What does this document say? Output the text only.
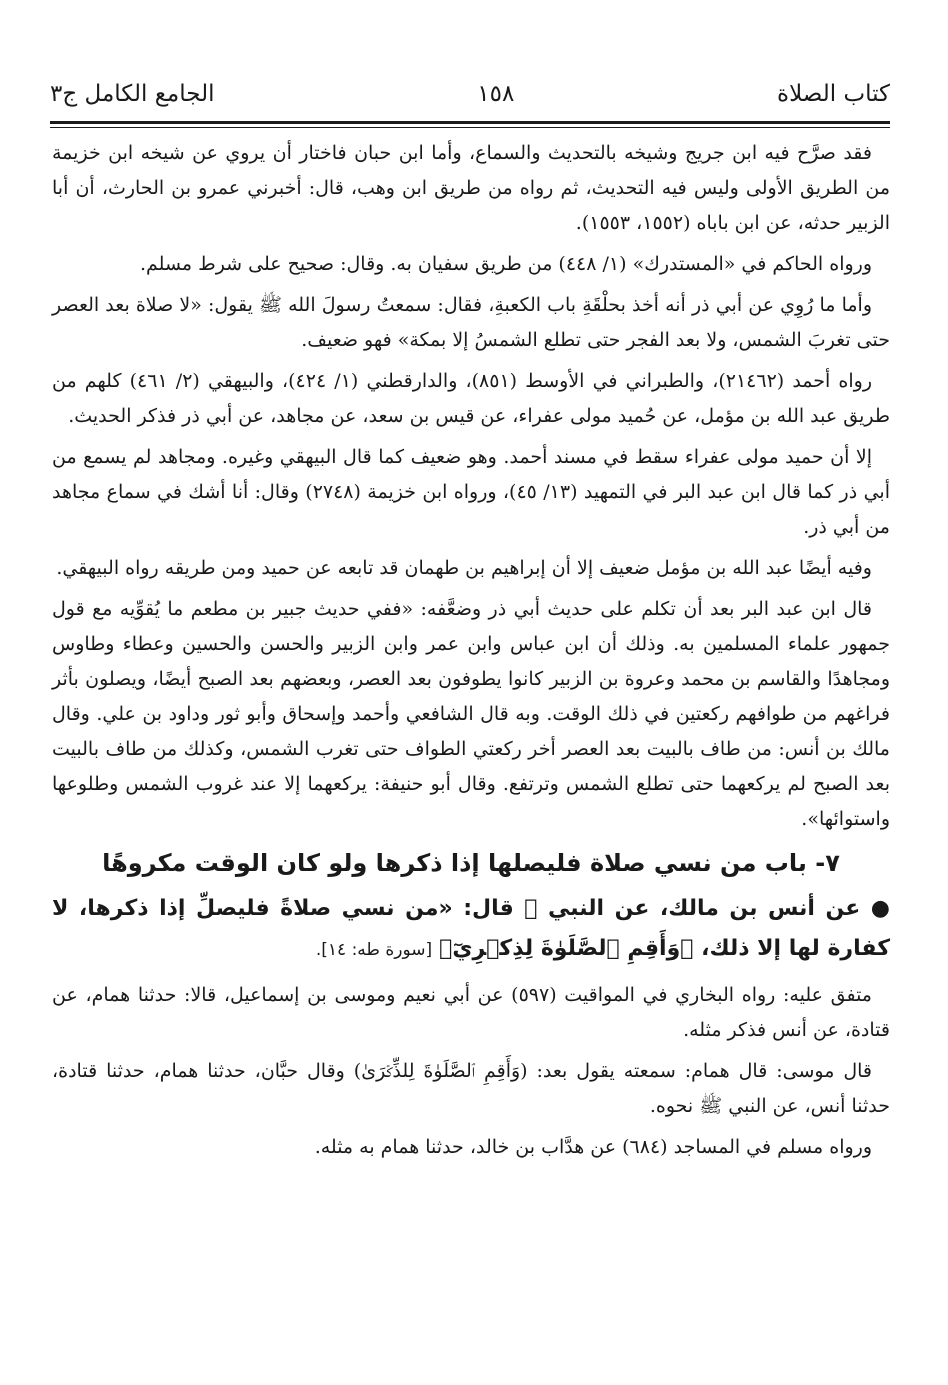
كتاب الصلاة
١٥٨
الجامع الكامل ج٣

فقد صرَّح فيه ابن جريج وشيخه بالتحديث والسماع، وأما ابن حبان فاختار أن يروي عن شيخه ابن خزيمة من الطريق الأولى وليس فيه التحديث، ثم رواه من طريق ابن وهب، قال: أخبرني عمرو بن الحارث، أن أبا الزبير حدثه، عن ابن باباه (١٥٥٢، ١٥٥٣).

ورواه الحاكم في «المستدرك» (١/ ٤٤٨) من طريق سفيان به. وقال: صحيح على شرط مسلم.

وأما ما رُوِي عن أبي ذر أنه أخذ بحلْقَةِ باب الكعبةِ، فقال: سمعتُ رسولَ الله ﷺ يقول: «لا صلاة بعد العصر حتى تغربَ الشمس، ولا بعد الفجر حتى تطلع الشمسُ إلا بمكة» فهو ضعيف.

رواه أحمد (٢١٤٦٢)، والطبراني في الأوسط (٨٥١)، والدارقطني (١/ ٤٢٤)، والبيهقي (٢/ ٤٦١) كلهم من طريق عبد الله بن مؤمل، عن حُميد مولى عفراء، عن قيس بن سعد، عن مجاهد، عن أبي ذر فذكر الحديث.

إلا أن حميد مولى عفراء سقط في مسند أحمد. وهو ضعيف كما قال البيهقي وغيره. ومجاهد لم يسمع من أبي ذر كما قال ابن عبد البر في التمهيد (١٣/ ٤٥)، ورواه ابن خزيمة (٢٧٤٨) وقال: أنا أشك في سماع مجاهد من أبي ذر.

وفيه أيضًا عبد الله بن مؤمل ضعيف إلا أن إبراهيم بن طهمان قد تابعه عن حميد ومن طريقه رواه البيهقي.

قال ابن عبد البر بعد أن تكلم على حديث أبي ذر وضعَّفه: «ففي حديث جبير بن مطعم ما يُقوِّيه مع قول جمهور علماء المسلمين به. وذلك أن ابن عباس وابن عمر وابن الزبير والحسن والحسين وعطاء وطاوس ومجاهدًا والقاسم بن محمد وعروة بن الزبير كانوا يطوفون بعد العصر، وبعضهم بعد الصبح أيضًا، ويصلون بأثر فراغهم من طوافهم ركعتين في ذلك الوقت. وبه قال الشافعي وأحمد وإسحاق وأبو ثور وداود بن علي. وقال مالك بن أنس: من طاف بالبيت بعد العصر أخر ركعتي الطواف حتى تغرب الشمس، وكذلك من طاف بالبيت بعد الصبح لم يركعهما حتى تطلع الشمس وترتفع. وقال أبو حنيفة: يركعهما إلا عند غروب الشمس وطلوعها واستوائها».

٧- باب من نسي صلاة فليصلها إذا ذكرها ولو كان الوقت مكروهًا
● عن أنس بن مالك، عن النبي ﷺ قال: «من نسي صلاةً فليصلِّ إذا ذكرها، لا كفارة لها إلا ذلك، ﴿وَأَقِمِ ٱلصَّلَوٰةَ لِذِكۡرِيٓ﴾ [سورة طه: ١٤].

متفق عليه: رواه البخاري في المواقيت (٥٩٧) عن أبي نعيم وموسى بن إسماعيل، قالا: حدثنا همام، عن قتادة، عن أنس فذكر مثله.

قال موسى: قال همام: سمعته يقول بعد: (وَأَقِمِ ٱلصَّلَوٰةَ لِلذِّكۡرَىٰ) وقال حبَّان، حدثنا همام، حدثنا قتادة، حدثنا أنس، عن النبي ﷺ نحوه.

ورواه مسلم في المساجد (٦٨٤) عن هدَّاب بن خالد، حدثنا همام به مثله.
